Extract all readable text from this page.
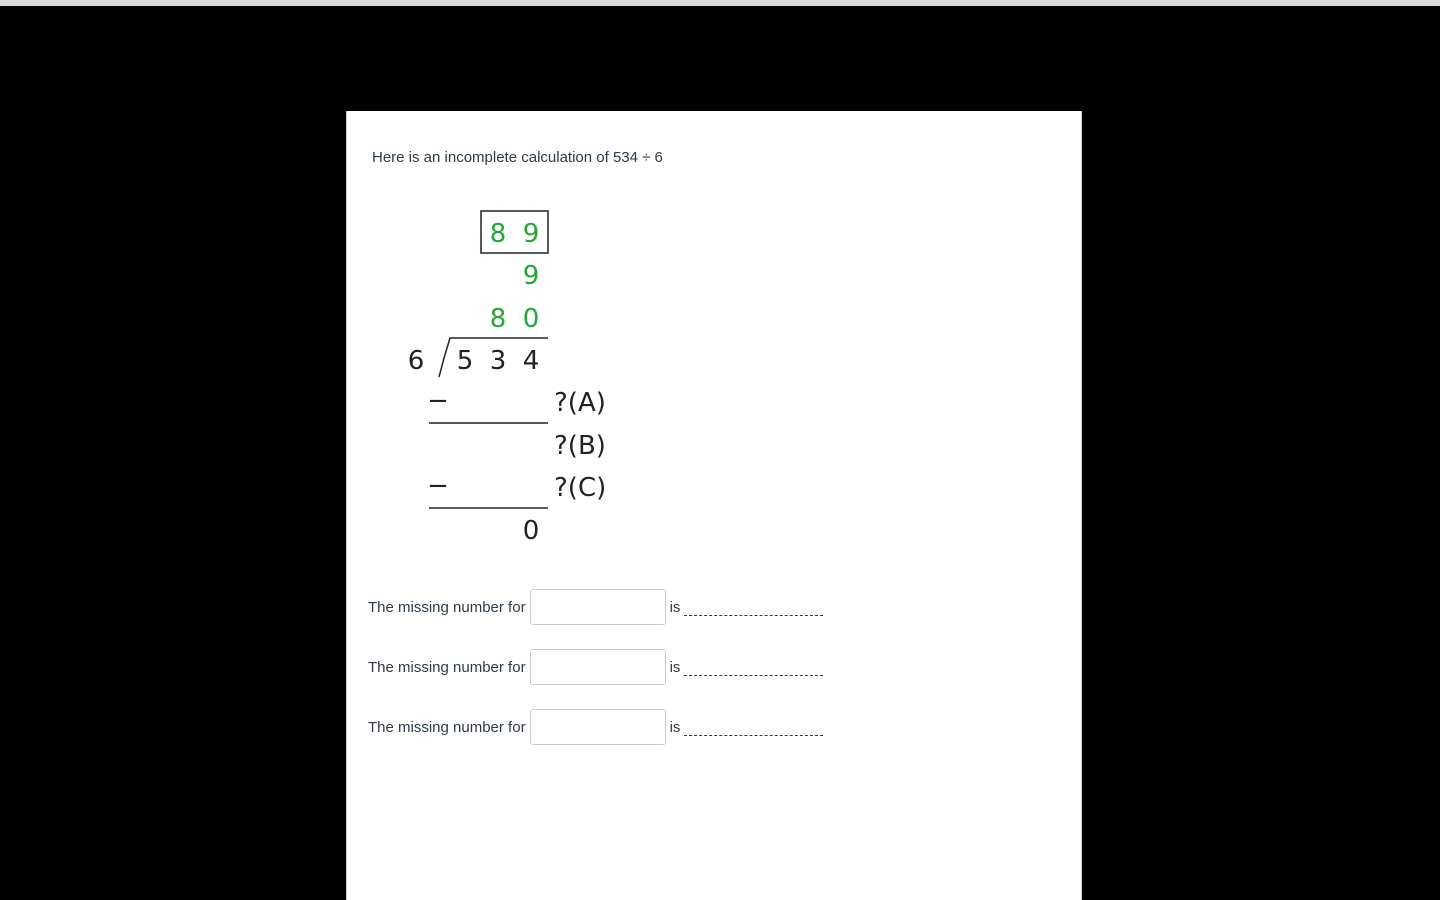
Here is an incomplete calculation of 534 ÷ 6
8 9
9
8 0
6 5 3 4
−	?(A)
?(B)
−	?(C)
0
The missing number for	is
The missing number for	is
The missing number for	is
